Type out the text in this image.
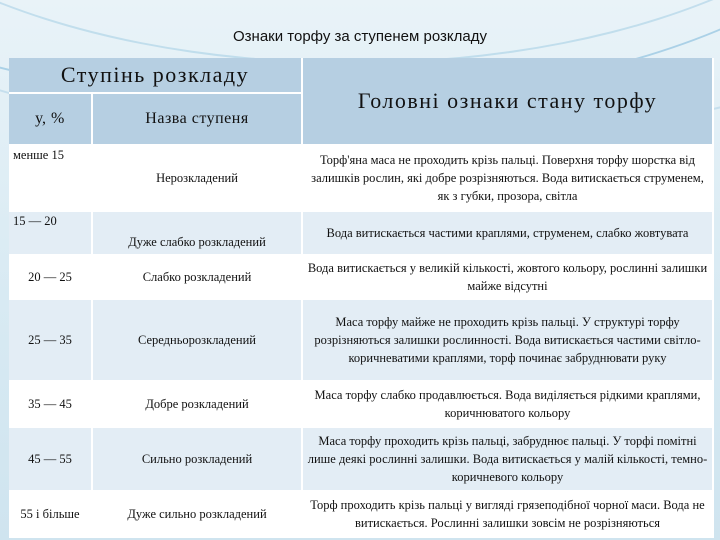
Ознаки торфу за ступенем розкладу
Ступінь розкладу		Головні ознаки стану торфу
у, %	Назва ступеня	
менше 15	Нерозкладений	Торф'яна маса не проходить крізь пальці. Поверхня торфу шорстка від залишків рослин, які добре розрізняються. Вода витискається струменем, як з губки, прозора, світла
15 — 20	Дуже слабко розкладений	Вода витискається частими краплями, струменем, слабко жовтувата
20 — 25	Слабко розкладений	Вода витискається у великій кількості, жовтого кольору, рослинні залишки майже відсутні
25 — 35	Середньорозкладений	Маса торфу майже не проходить крізь пальці. У структурі торфу розрізняються залишки рослинності. Вода витискається частими світло-коричневатими краплями, торф починає забруднювати руку
35 — 45	Добре розкладений	Маса торфу слабко продавлюється. Вода виділяється рідкими краплями, коричнюватого кольору
45 — 55	Сильно розкладений	Маса торфу проходить крізь пальці, забруднює пальці. У торфі помітні лише деякі рослинні залишки. Вода витискається у малій кількості, темно-коричневого кольору
55 і більше	Дуже сильно розкладений	Торф проходить крізь пальці у вигляді грязеподібної чорної маси. Вода не витискається. Рослинні залишки зовсім не розрізняються
